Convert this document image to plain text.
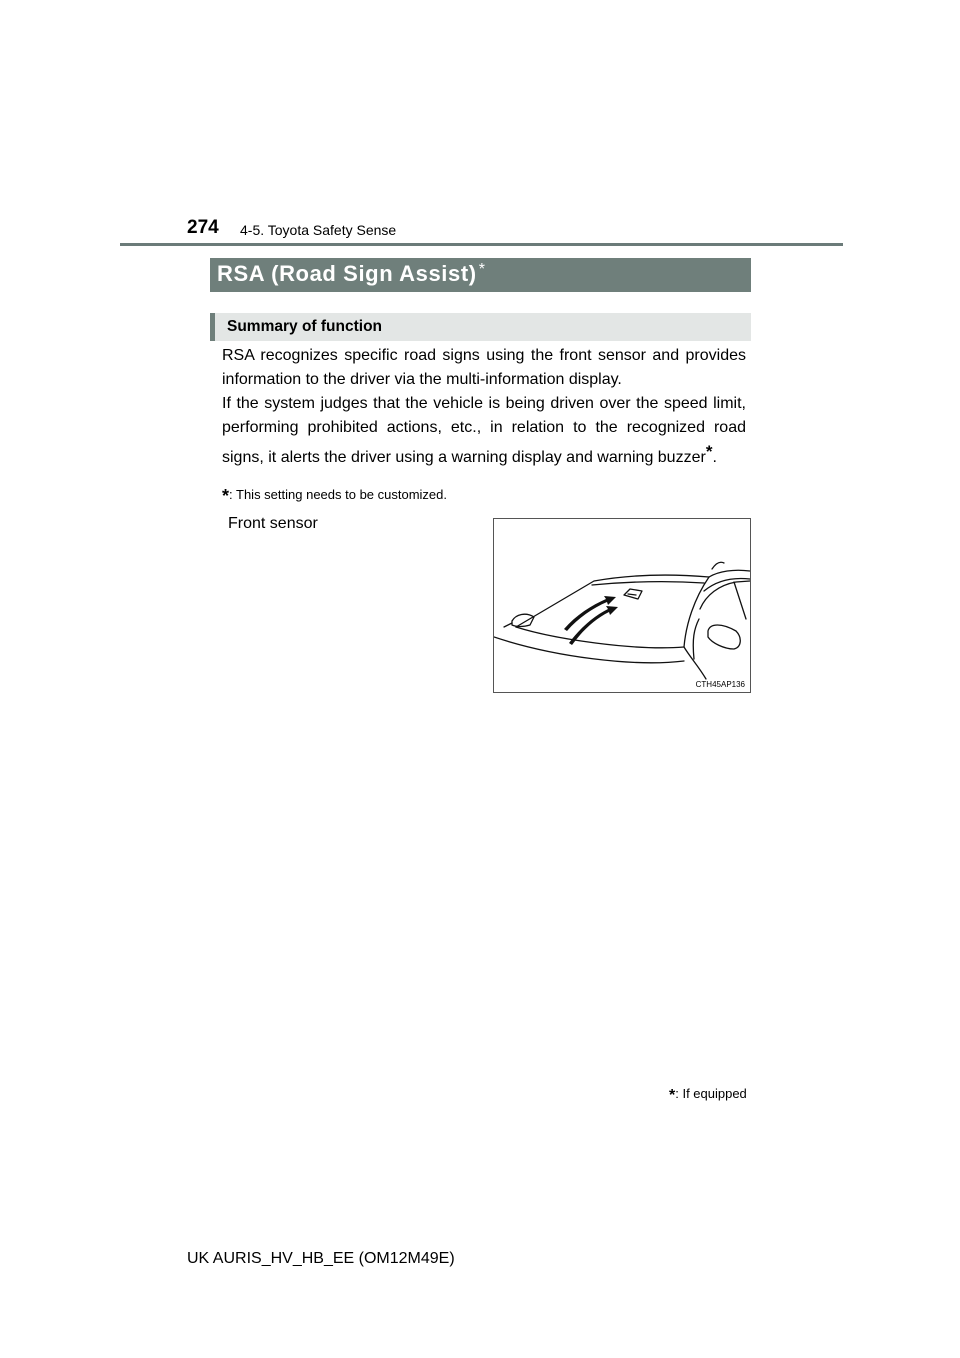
274 4-5. Toyota Safety Sense
RSA (Road Sign Assist) *
Summary of function
RSA recognizes specific road signs using the front sensor and provides information to the driver via the multi-information display.
If the system judges that the vehicle is being driven over the speed limit, performing prohibited actions, etc., in relation to the recognized road signs, it alerts the driver using a warning display and warning buzzer*.
*: This setting needs to be customized.
Front sensor
CTH45AP136
*: If equipped
UK AURIS_HV_HB_EE (OM12M49E)
